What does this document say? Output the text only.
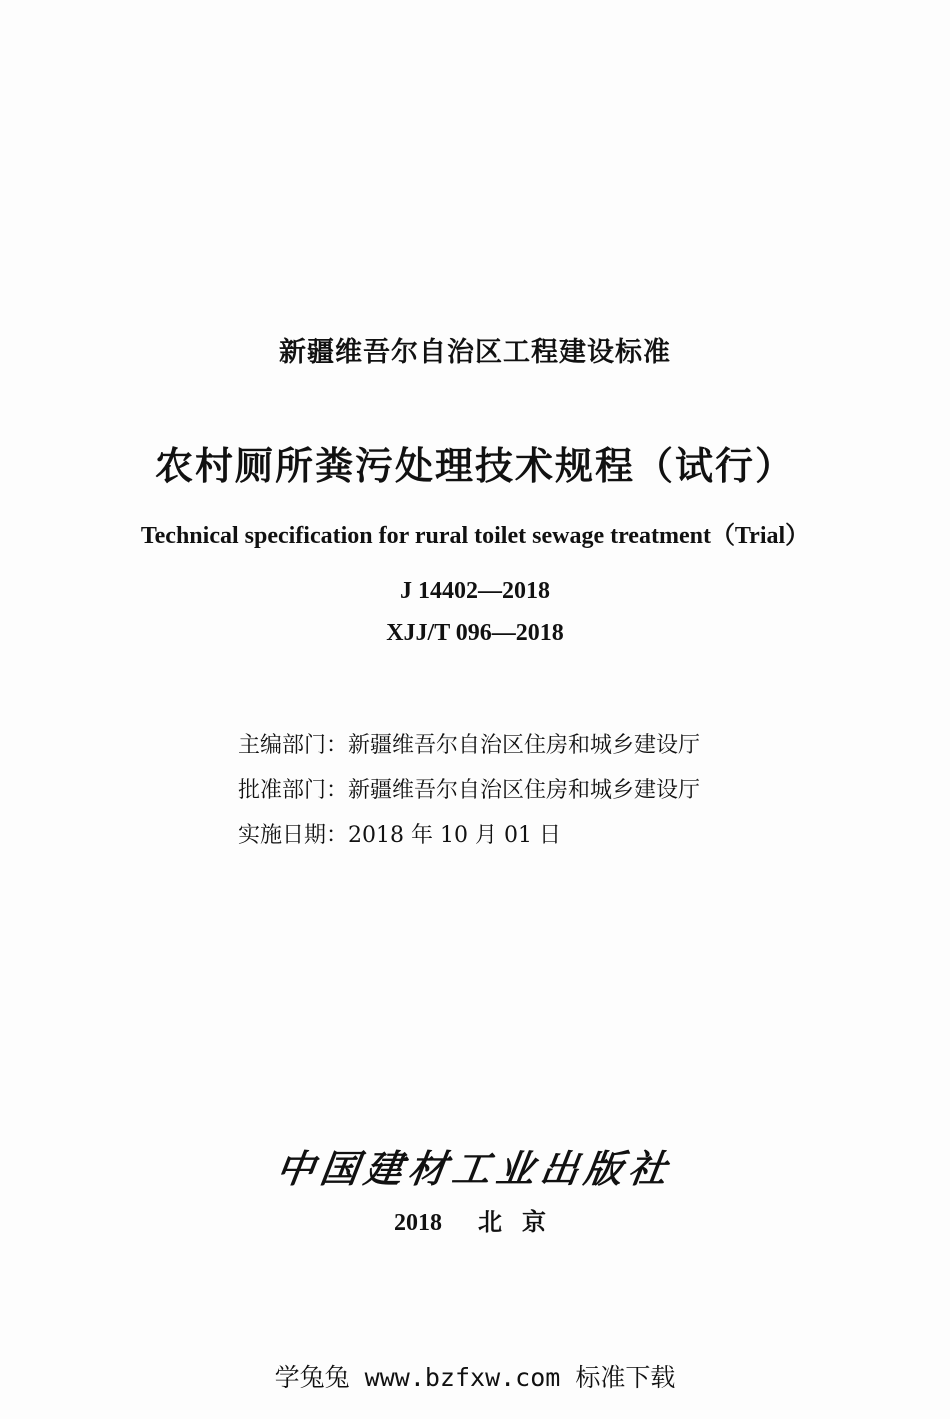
新疆维吾尔自治区工程建设标准
农村厕所粪污处理技术规程（试行）
Technical specification for rural toilet sewage treatment（Trial）
J 14402—2018
XJJ/T 096—2018
主编部门：新疆维吾尔自治区住房和城乡建设厅
批准部门：新疆维吾尔自治区住房和城乡建设厅
实施日期：2018 年 10 月 01 日
中国建材工业出版社
2018 北 京
学兔兔 www.bzfxw.com 标准下载
